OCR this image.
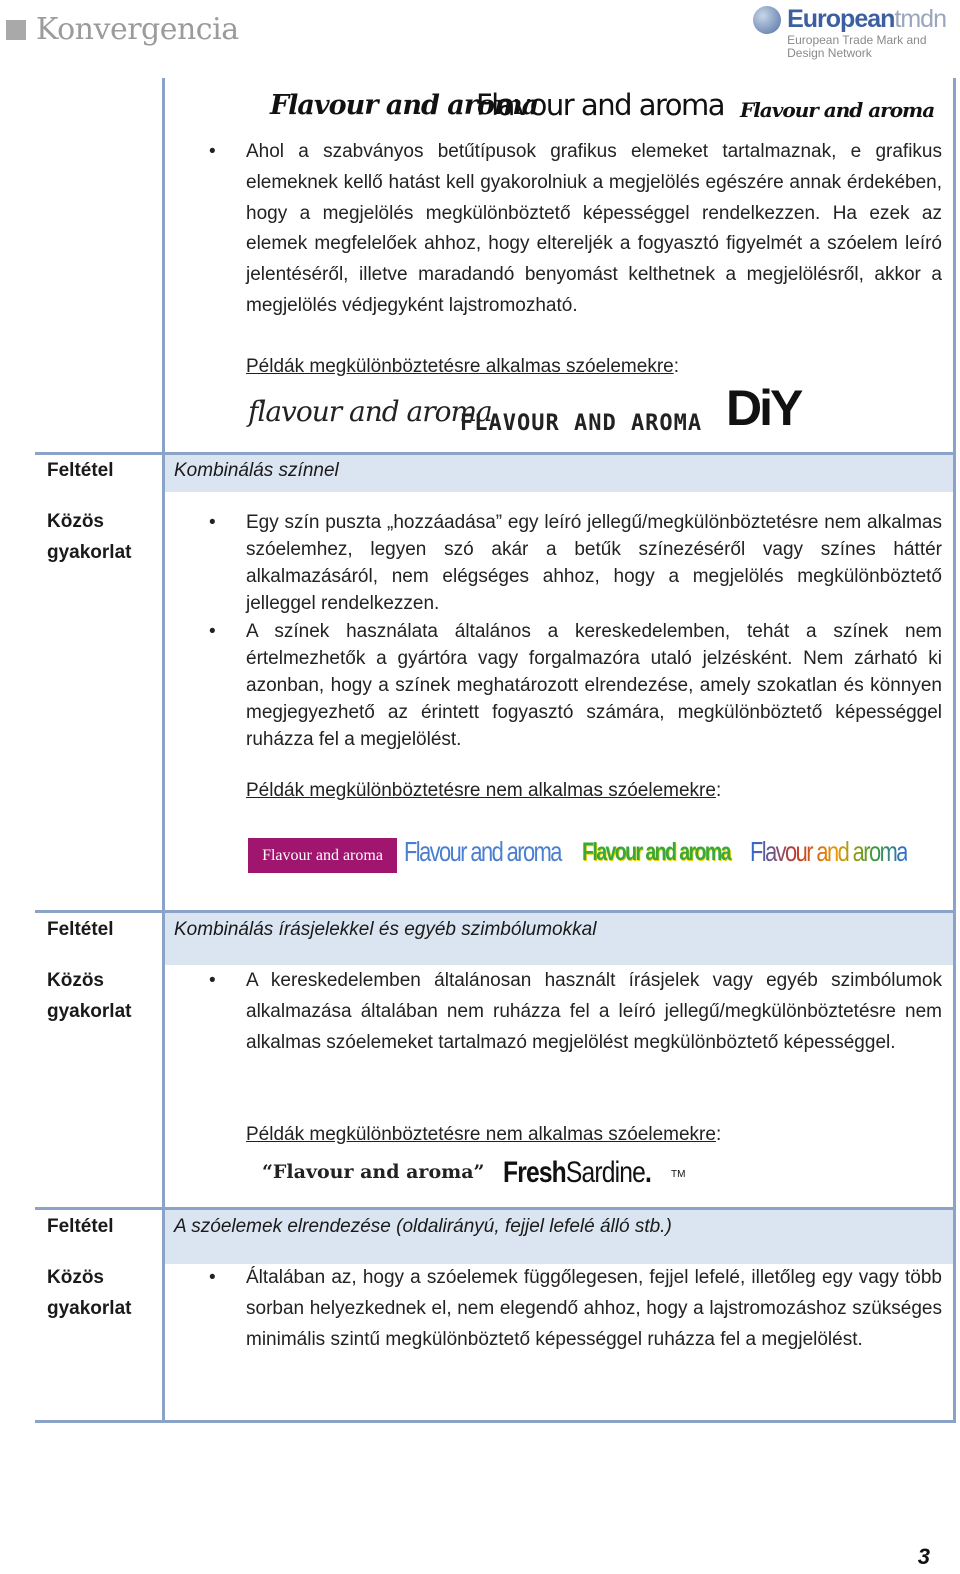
Konvergencia	Europeantmdn
European Trade Mark and
Design Network
Flavour and aroma
Flavour and aroma Flavour and aroma
• Ahol a szabványos betűtípusok grafikus elemeket tartalmaznak, e grafikus elemeknek kellő hatást kell gyakorolniuk a megjelölés egészére annak érdekében, hogy a megjelölés megkülönböztető képességgel rendelkezzen. Ha ezek az elemek megfelelőek ahhoz, hogy eltereljék a fogyasztó figyelmét a szóelem leíró jelentéséről, illetve maradandó benyomást kelthetnek a megjelölésről, akkor a megjelölés védjegyként lajstromozható.
Példák megkülönböztetésre alkalmas szóelemekre:
flavour and aroma
FLAVOUR AND AROMA DiY
Feltétel	Kombinálás színnel
Közös
gyakorlat
• Egy szín puszta „hozzáadása” egy leíró jellegű/megkülönböztetésre nem alkalmas szóelemhez, legyen szó akár a betűk színezéséről vagy színes háttér alkalmazásáról, nem elégséges ahhoz, hogy a megjelölés megkülönböztető jelleggel rendelkezzen.
• A színek használata általános a kereskedelemben, tehát a színek nem értelmezhetők a gyártóra vagy forgalmazóra utaló jelzésként. Nem zárható ki azonban, hogy a színek meghatározott elrendezése, amely szokatlan és könnyen megjegyezhető az érintett fogyasztó számára, megkülönböztető képességgel ruházza fel a megjelölést.
Példák megkülönböztetésre nem alkalmas szóelemekre:
Flavour and aroma Flavour and aroma Flavour and aroma Flavour and aroma
Feltétel	Kombinálás írásjelekkel és egyéb szimbólumokkal
Közös
gyakorlat
• A kereskedelemben általánosan használt írásjelek vagy egyéb szimbólumok alkalmazása általában nem ruházza fel a leíró jellegű/megkülönböztetésre nem alkalmas szóelemeket tartalmazó megjelölést megkülönböztető képességgel.
Példák megkülönböztetésre nem alkalmas szóelemekre:
“Flavour and aroma” FreshSardine. TM
Feltétel	A szóelemek elrendezése (oldalirányú, fejjel lefelé álló stb.)
Közös
gyakorlat
• Általában az, hogy a szóelemek függőlegesen, fejjel lefelé, illetőleg egy vagy több sorban helyezkednek el, nem elegendő ahhoz, hogy a lajstromozáshoz szükséges minimális szintű megkülönböztető képességgel ruházza fel a megjelölést.
3
